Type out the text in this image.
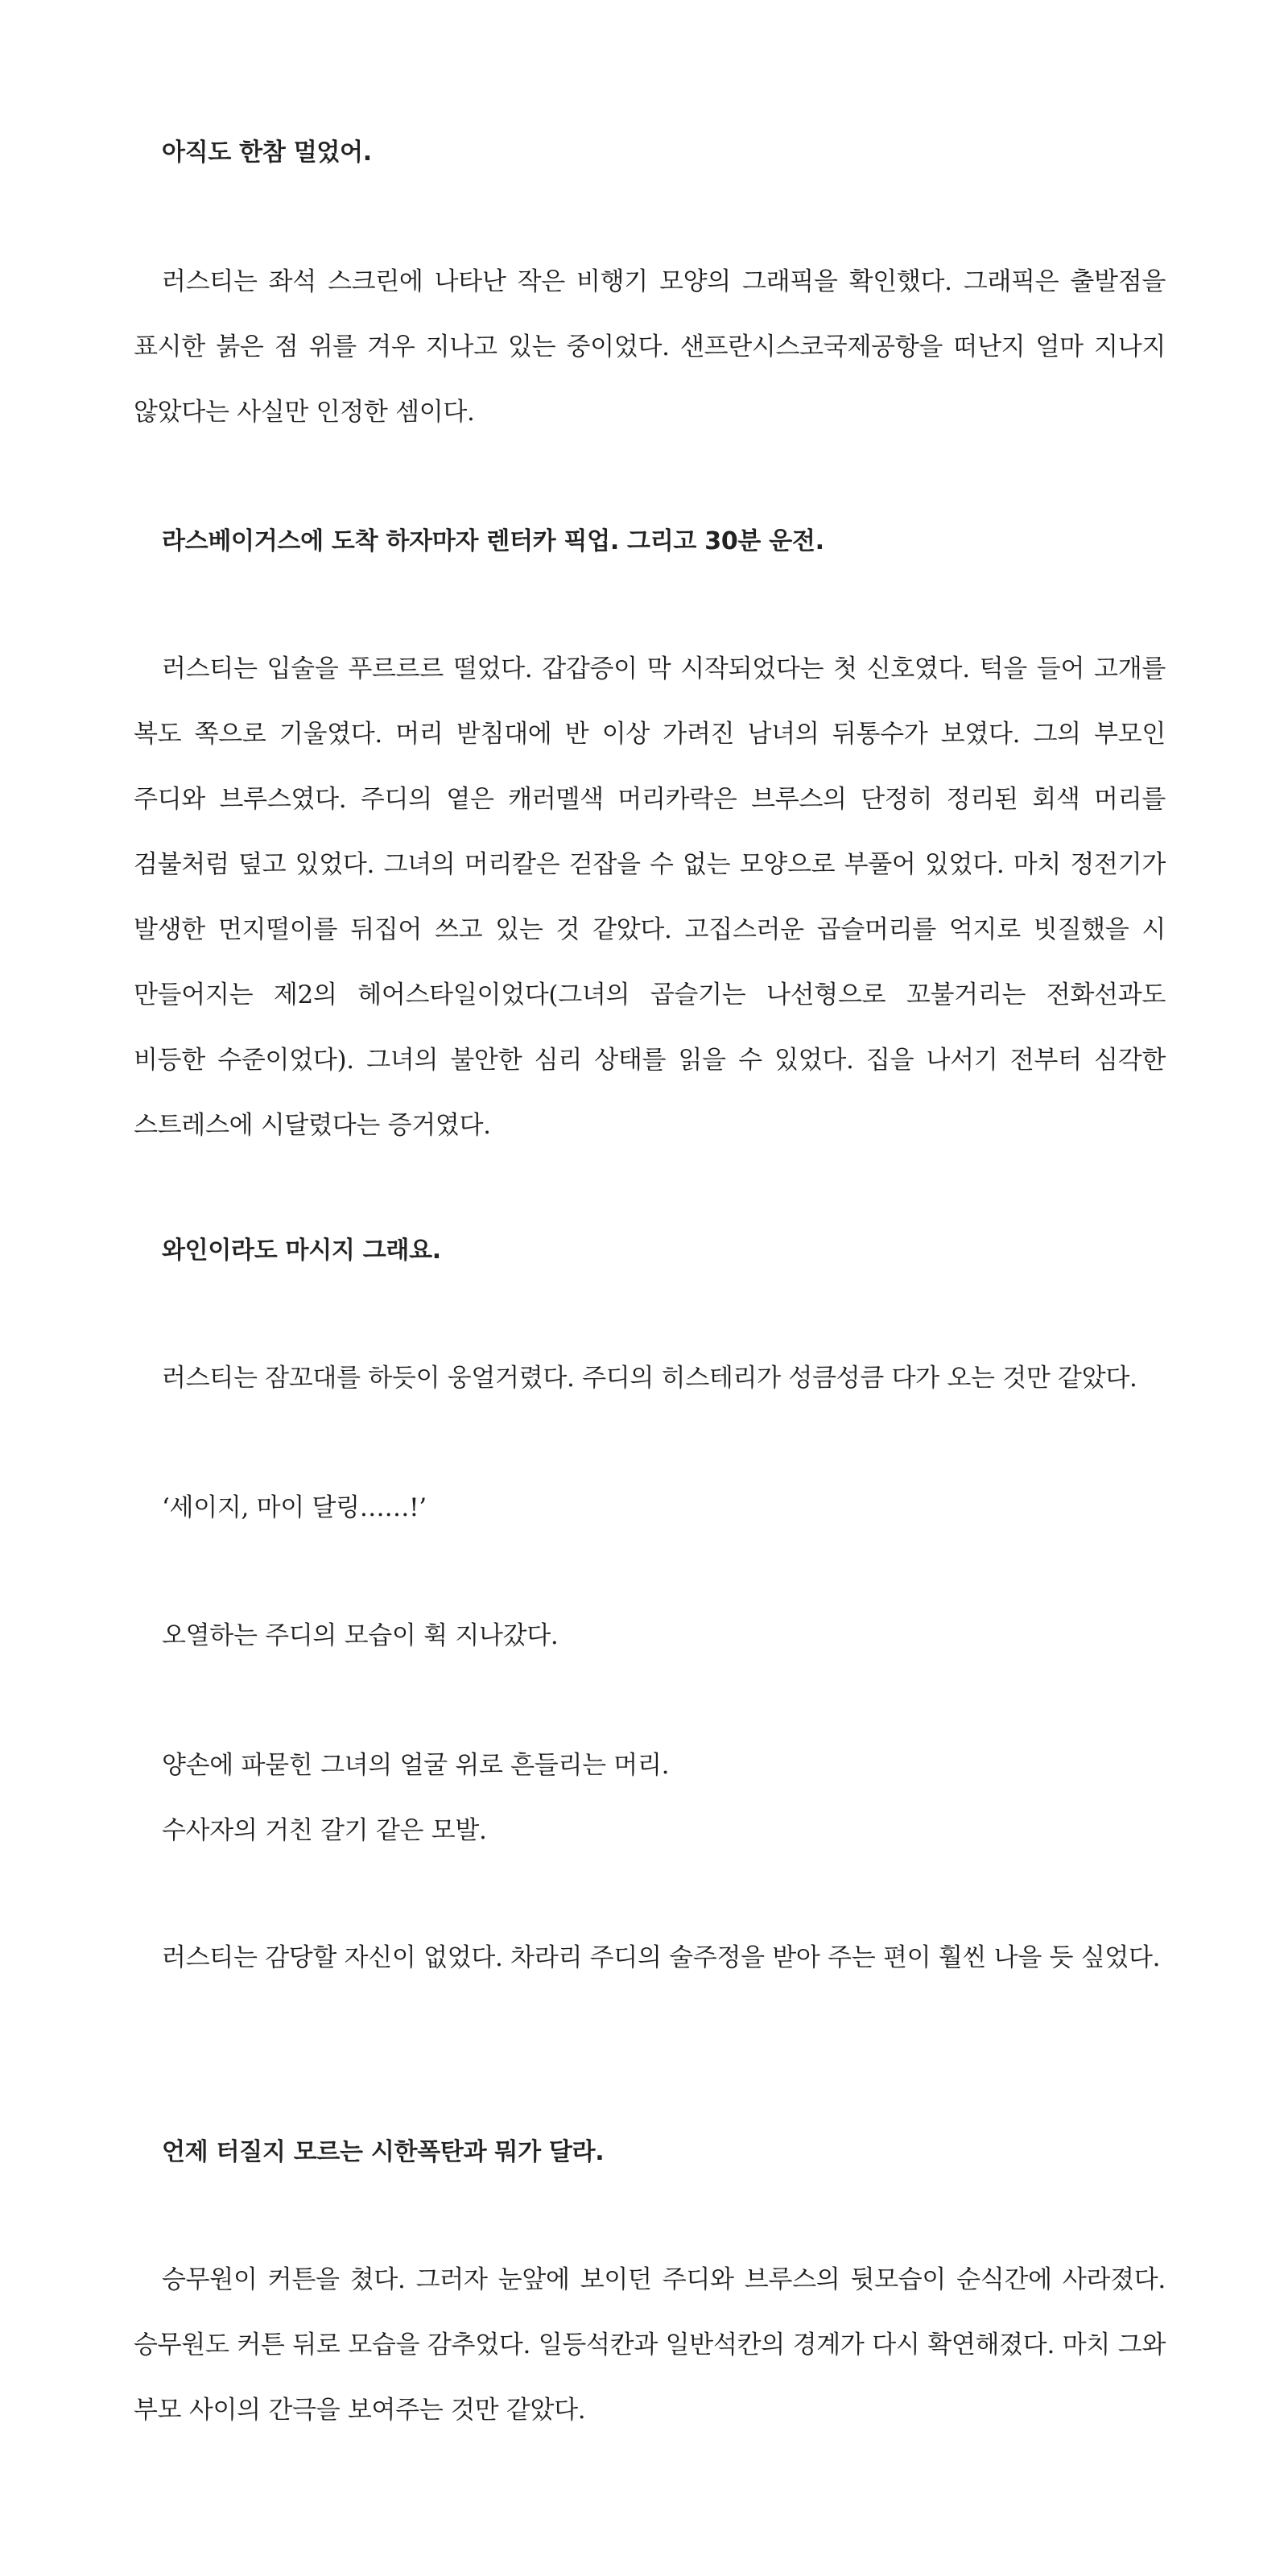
아직도 한참 멀었어.

러스티는 좌석 스크린에 나타난 작은 비행기 모양의 그래픽을 확인했다. 그래픽은 출발점을 표시한 붉은 점 위를 겨우 지나고 있는 중이었다. 샌프란시스코국제공항을 떠난지 얼마 지나지 않았다는 사실만 인정한 셈이다.

라스베이거스에 도착 하자마자 렌터카 픽업. 그리고 30분 운전.

러스티는 입술을 푸르르르 떨었다. 갑갑증이 막 시작되었다는 첫 신호였다. 턱을 들어 고개를 복도 쪽으로 기울였다. 머리 받침대에 반 이상 가려진 남녀의 뒤통수가 보였다. 그의 부모인 주디와 브루스였다. 주디의 옅은 캐러멜색 머리카락은 브루스의 단정히 정리된 회색 머리를 검불처럼 덮고 있었다. 그녀의 머리칼은 걷잡을 수 없는 모양으로 부풀어 있었다. 마치 정전기가 발생한 먼지떨이를 뒤집어 쓰고 있는 것 같았다. 고집스러운 곱슬머리를 억지로 빗질했을 시 만들어지는 제2의 헤어스타일이었다(그녀의 곱슬기는 나선형으로 꼬불거리는 전화선과도 비등한 수준이었다). 그녀의 불안한 심리 상태를 읽을 수 있었다. 집을 나서기 전부터 심각한 스트레스에 시달렸다는 증거였다.

와인이라도 마시지 그래요.

러스티는 잠꼬대를 하듯이 웅얼거렸다. 주디의 히스테리가 성큼성큼 다가 오는 것만 같았다.

‘세이지, 마이 달링……!’

오열하는 주디의 모습이 휙 지나갔다.

양손에 파묻힌 그녀의 얼굴 위로 흔들리는 머리.

수사자의 거친 갈기 같은 모발.

러스티는 감당할 자신이 없었다. 차라리 주디의 술주정을 받아 주는 편이 훨씬 나을 듯 싶었다.

언제 터질지 모르는 시한폭탄과 뭐가 달라.

승무원이 커튼을 쳤다. 그러자 눈앞에 보이던 주디와 브루스의 뒷모습이 순식간에 사라졌다. 승무원도 커튼 뒤로 모습을 감추었다. 일등석칸과 일반석칸의 경계가 다시 확연해졌다. 마치 그와 부모 사이의 간극을 보여주는 것만 같았다.
